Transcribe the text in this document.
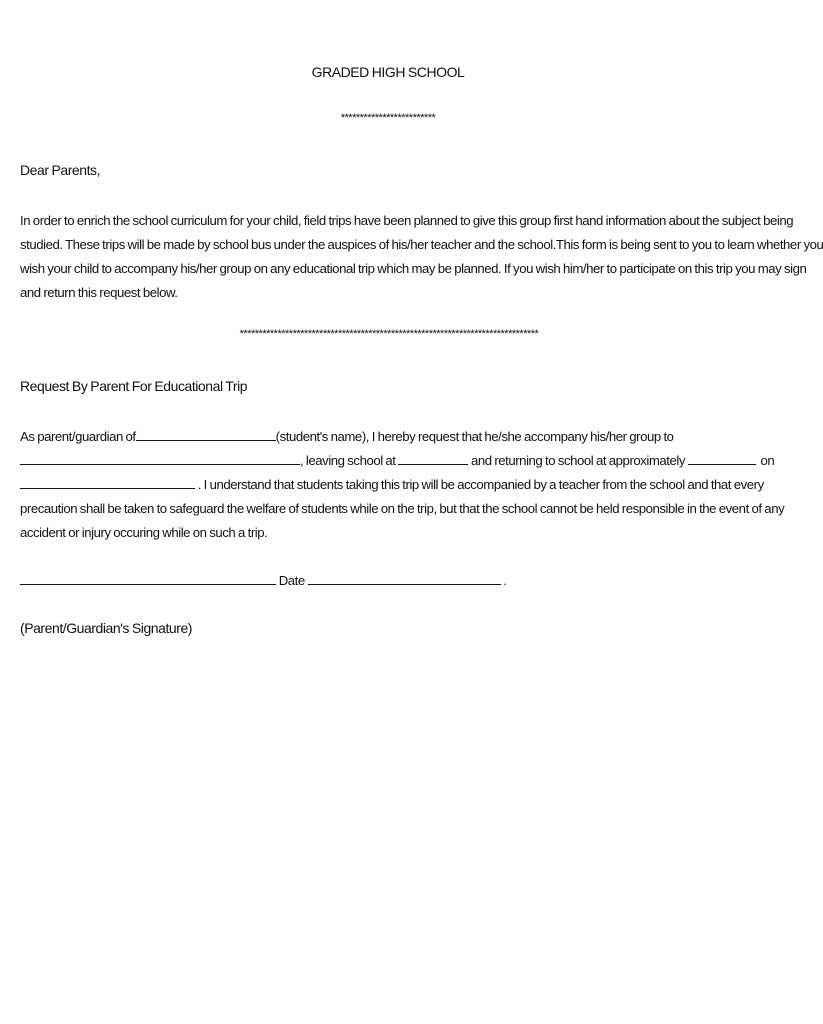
GRADED HIGH SCHOOL
*************************
Dear Parents,
In order to enrich the school curriculum for your child, field trips have been planned to give this group first hand information about the subject being
studied. These trips will be made by school bus under the auspices of his/her teacher and the school.This form is being sent to you to learn whether you
wish your child to accompany his/her group on any educational trip which may be planned. If you wish him/her to participate on this trip you may sign
and return this request below.
*******************************************************************************
Request By Parent For Educational Trip
As parent/guardian of	(student's name), I hereby request that he/she accompany his/her group to
, leaving school at	and returning to school at approximately	on
. I understand that students taking this trip will be accompanied by a teacher from the school and that every
precaution shall be taken to safeguard the welfare of students while on the trip, but that the school cannot be held responsible in the event of any
accident or injury occuring while on such a trip.
Date	.
(Parent/Guardian's Signature)
